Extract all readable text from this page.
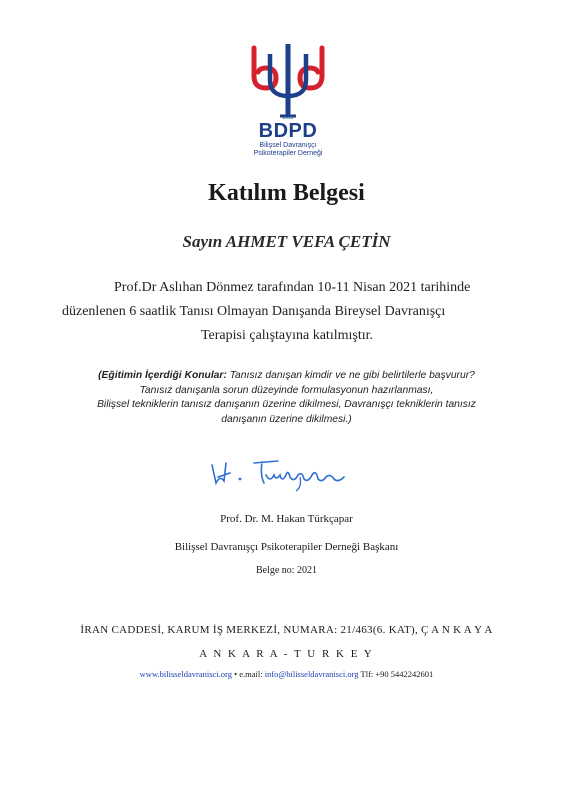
2010
BDPD
Bilişsel Davranışçı
Psikoterapiler Derneği
Katılım Belgesi
Sayın AHMET VEFA ÇETİN
Prof.Dr Aslıhan Dönmez tarafından 10-11 Nisan 2021 tarihinde
düzenlenen 6 saatlik Tanısı Olmayan Danışanda Bireysel Davranışçı
Terapisi çalıştayına katılmıştır.
(Eğitimin İçerdiği Konular: Tanısız danışan kimdir ve ne gibi belirtilerle başvurur?
Tanısız danışanla sorun düzeyinde formulasyonun hazırlanması,
Bilişsel tekniklerin tanısız danışanın üzerine dikilmesi, Davranışçı tekniklerin tanısız
danışanın üzerine dikilmesi.)
Prof. Dr. M. Hakan Türkçapar
Bilişsel Davranışçı Psikoterapiler Derneği Başkanı
Belge no: 2021
İRAN CADDESİ, KARUM İŞ MERKEZİ, NUMARA: 21/463(6. KAT), Ç A N K A Y A
A N K A R A - T U R K E Y
www.bilisseldavranisci.org • e.mail: info@bilisseldavranisci.org Tlf: +90 5442242601
